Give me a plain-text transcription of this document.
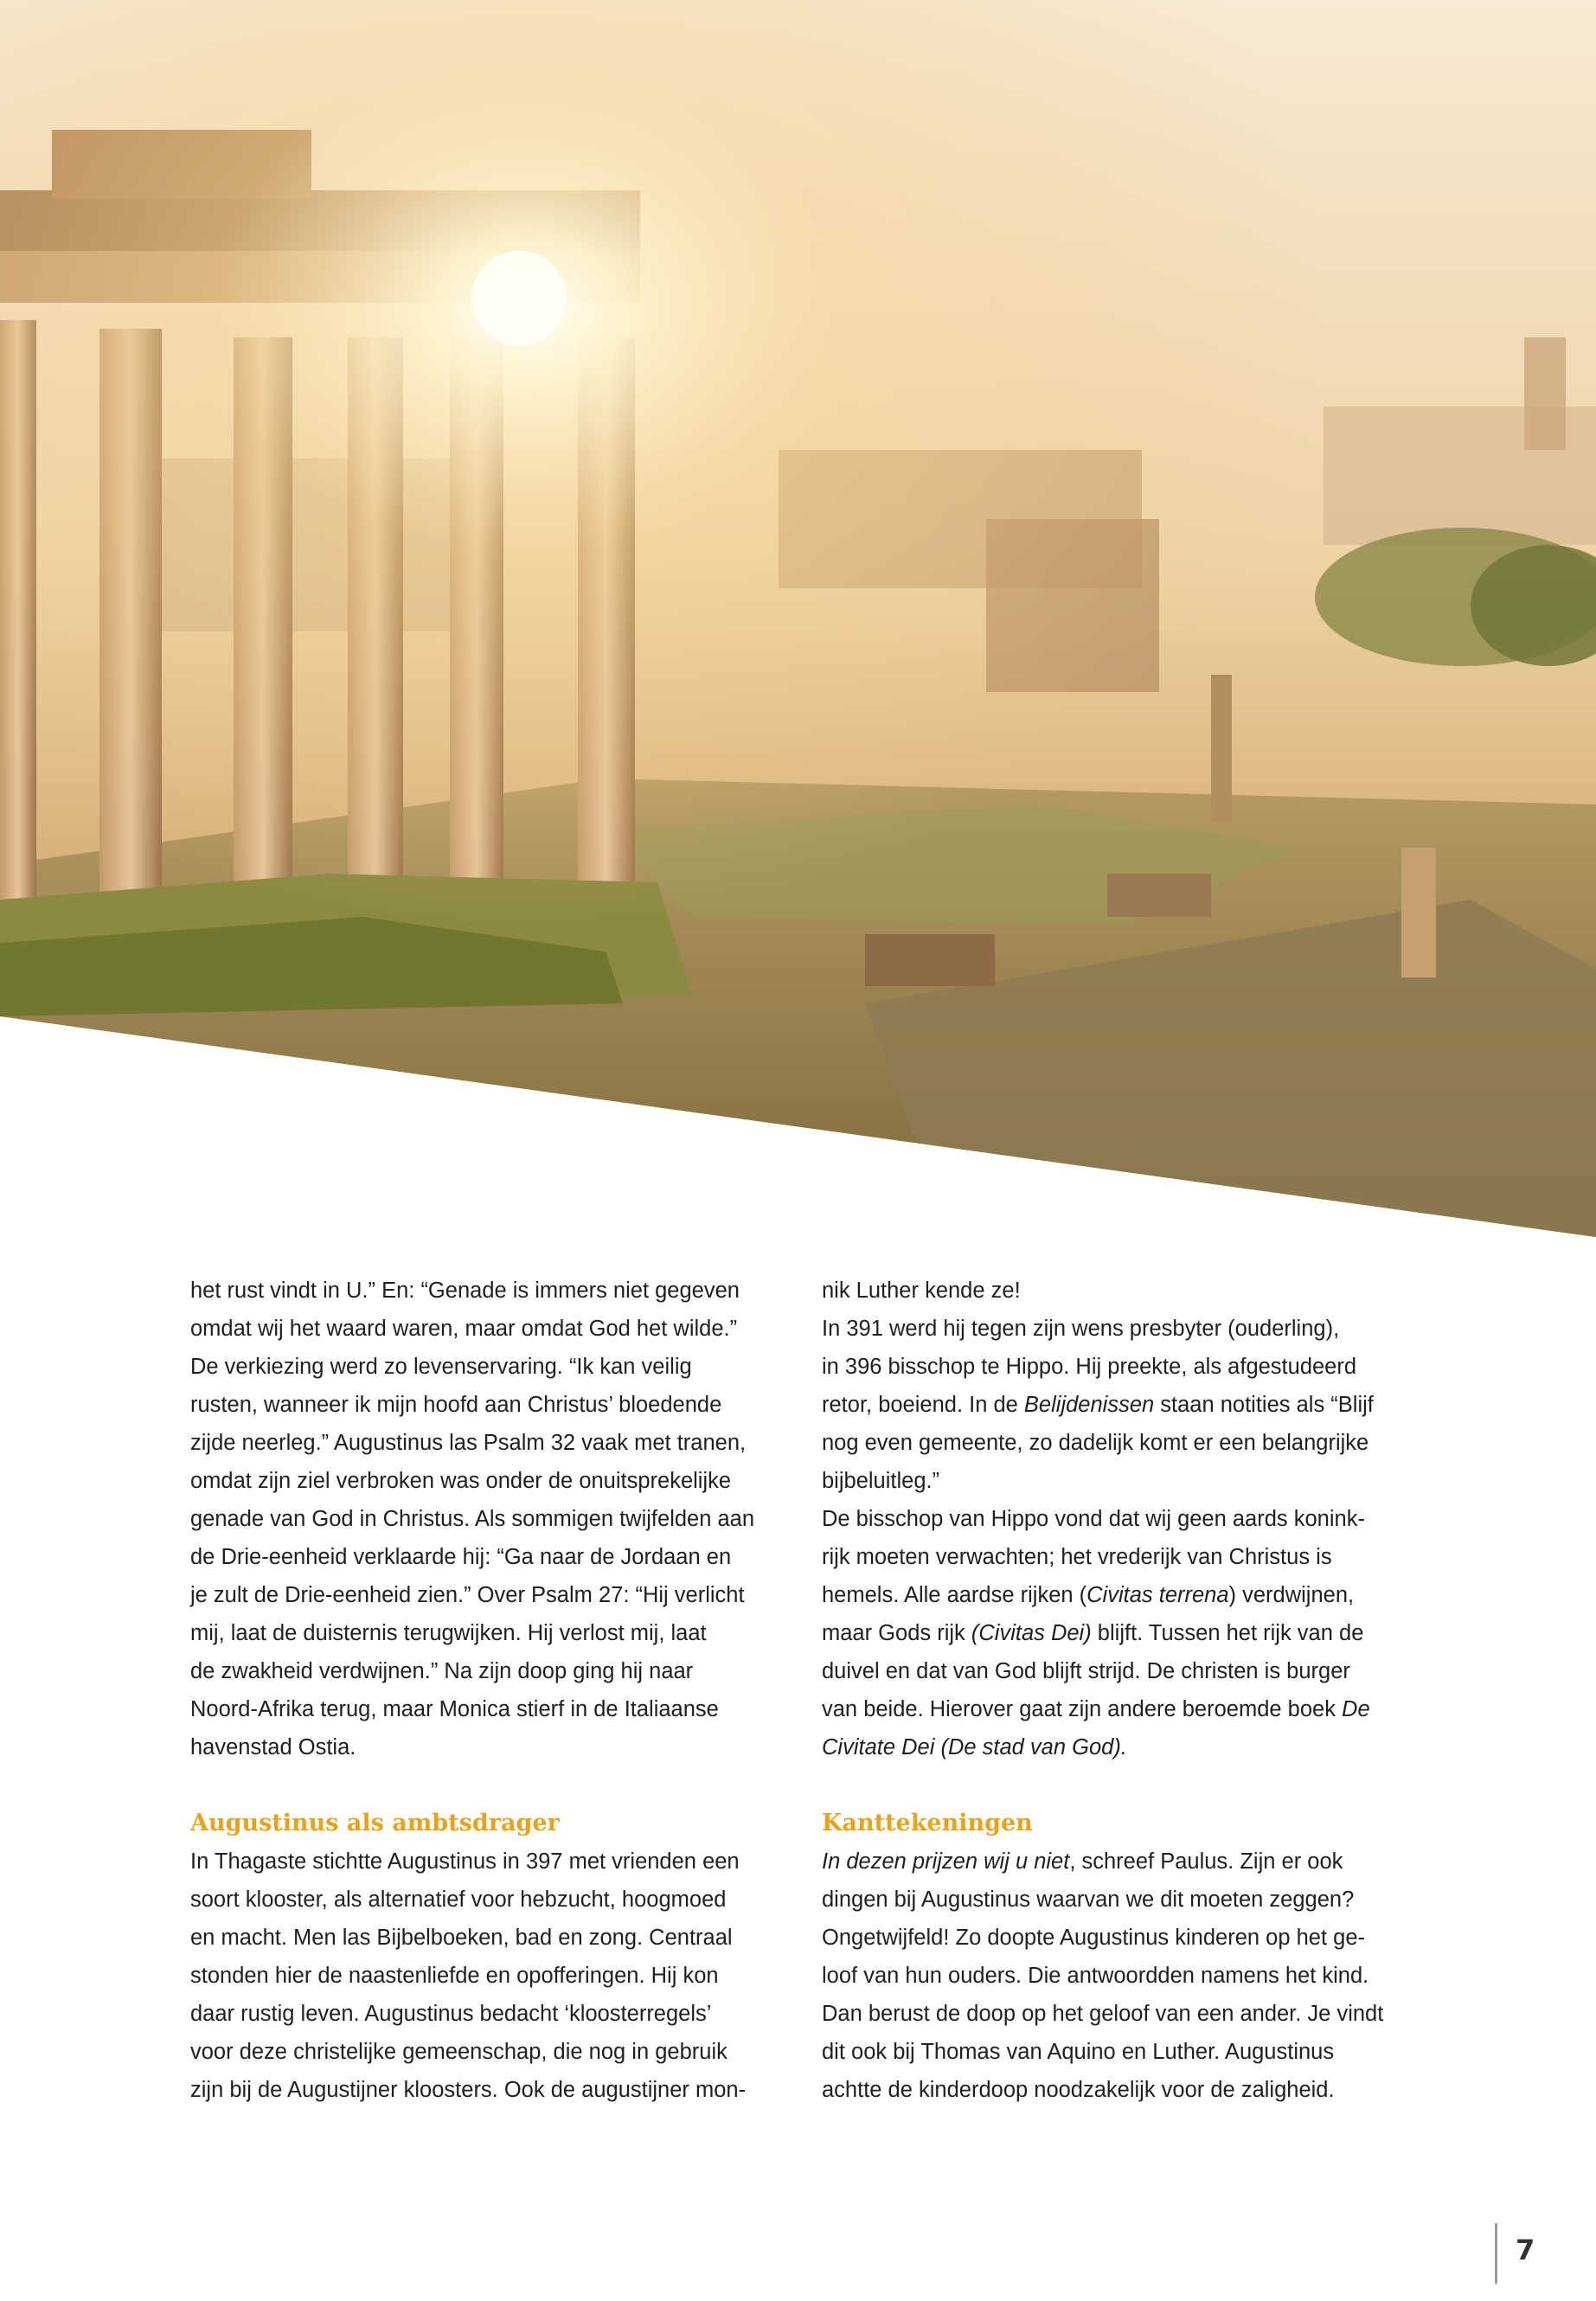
het rust vindt in U.” En: “Genade is immers niet gegeven
omdat wij het waard waren, maar omdat God het wilde.”
De verkiezing werd zo levenservaring. “Ik kan veilig
rusten, wanneer ik mijn hoofd aan Christus’ bloedende
zijde neerleg.” Augustinus las Psalm 32 vaak met tranen,
omdat zijn ziel verbroken was onder de onuitsprekelijke
genade van God in Christus. Als sommigen twijfelden aan
de Drie-eenheid verklaarde hij: “Ga naar de Jordaan en
je zult de Drie-eenheid zien.” Over Psalm 27: “Hij verlicht
mij, laat de duisternis terugwijken. Hij verlost mij, laat
de zwakheid verdwijnen.” Na zijn doop ging hij naar
Noord-Afrika terug, maar Monica stierf in de Italiaanse
havenstad Ostia.

Augustinus als ambtsdrager

In Thagaste stichtte Augustinus in 397 met vrienden een
soort klooster, als alternatief voor hebzucht, hoogmoed
en macht. Men las Bijbelboeken, bad en zong. Centraal
stonden hier de naastenliefde en opofferingen. Hij kon
daar rustig leven. Augustinus bedacht ‘kloosterregels’
voor deze christelijke gemeenschap, die nog in gebruik
zijn bij de Augustijner kloosters. Ook de augustijner mon-

nik Luther kende ze!
In 391 werd hij tegen zijn wens presbyter (ouderling),
in 396 bisschop te Hippo. Hij preekte, als afgestudeerd
retor, boeiend. In de Belijdenissen staan notities als “Blijf
nog even gemeente, zo dadelijk komt er een belangrijke
bijbeluitleg.”
De bisschop van Hippo vond dat wij geen aards konink-
rijk moeten verwachten; het vrederijk van Christus is
hemels. Alle aardse rijken (Civitas terrena) verdwijnen,
maar Gods rijk (Civitas Dei) blijft. Tussen het rijk van de
duivel en dat van God blijft strijd. De christen is burger
van beide. Hierover gaat zijn andere beroemde boek De
Civitate Dei (De stad van God).

Kanttekeningen

In dezen prijzen wij u niet, schreef Paulus. Zijn er ook
dingen bij Augustinus waarvan we dit moeten zeggen?
Ongetwijfeld! Zo doopte Augustinus kinderen op het ge-
loof van hun ouders. Die antwoordden namens het kind.
Dan berust de doop op het geloof van een ander. Je vindt
dit ook bij Thomas van Aquino en Luther. Augustinus
achtte de kinderdoop noodzakelijk voor de zaligheid.

7
